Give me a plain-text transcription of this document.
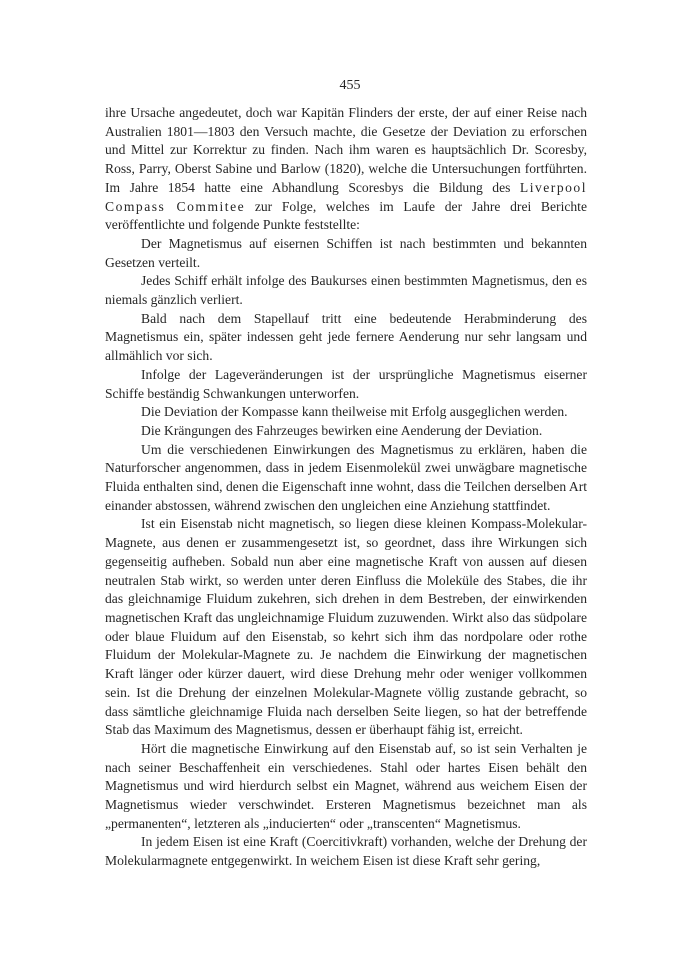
455

ihre Ursache angedeutet, doch war Kapitän Flinders der erste, der auf einer Reise nach Australien 1801—1803 den Versuch machte, die Gesetze der Deviation zu erforschen und Mittel zur Korrektur zu finden. Nach ihm waren es hauptsächlich Dr. Scoresby, Ross, Parry, Oberst Sabine und Barlow (1820), welche die Untersuchungen fortführten. Im Jahre 1854 hatte eine Abhandlung Scoresbys die Bildung des Liverpool Compass Commitee zur Folge, welches im Laufe der Jahre drei Berichte veröffentlichte und folgende Punkte feststellte:

Der Magnetismus auf eisernen Schiffen ist nach bestimmten und bekannten Gesetzen verteilt.

Jedes Schiff erhält infolge des Baukurses einen bestimmten Magnetismus, den es niemals gänzlich verliert.

Bald nach dem Stapellauf tritt eine bedeutende Herabminderung des Magnetismus ein, später indessen geht jede fernere Aenderung nur sehr langsam und allmählich vor sich.

Infolge der Lageveränderungen ist der ursprüngliche Magnetismus eiserner Schiffe beständig Schwankungen unterworfen.

Die Deviation der Kompasse kann theilweise mit Erfolg ausgeglichen werden.

Die Krängungen des Fahrzeuges bewirken eine Aenderung der Deviation.

Um die verschiedenen Einwirkungen des Magnetismus zu erklären, haben die Naturforscher angenommen, dass in jedem Eisenmolekül zwei unwägbare magnetische Fluida enthalten sind, denen die Eigenschaft inne wohnt, dass die Teilchen derselben Art einander abstossen, während zwischen den ungleichen eine Anziehung stattfindet.

Ist ein Eisenstab nicht magnetisch, so liegen diese kleinen Kompass-Molekular-Magnete, aus denen er zusammengesetzt ist, so geordnet, dass ihre Wirkungen sich gegenseitig aufheben. Sobald nun aber eine magnetische Kraft von aussen auf diesen neutralen Stab wirkt, so werden unter deren Einfluss die Moleküle des Stabes, die ihr das gleichnamige Fluidum zukehren, sich drehen in dem Bestreben, der einwirkenden magnetischen Kraft das ungleichnamige Fluidum zuzuwenden. Wirkt also das südpolare oder blaue Fluidum auf den Eisenstab, so kehrt sich ihm das nordpolare oder rothe Fluidum der Molekular-Magnete zu. Je nachdem die Einwirkung der magnetischen Kraft länger oder kürzer dauert, wird diese Drehung mehr oder weniger vollkommen sein. Ist die Drehung der einzelnen Molekular-Magnete völlig zustande gebracht, so dass sämtliche gleichnamige Fluida nach derselben Seite liegen, so hat der betreffende Stab das Maximum des Magnetismus, dessen er überhaupt fähig ist, erreicht.

Hört die magnetische Einwirkung auf den Eisenstab auf, so ist sein Verhalten je nach seiner Beschaffenheit ein verschiedenes. Stahl oder hartes Eisen behält den Magnetismus und wird hierdurch selbst ein Magnet, während aus weichem Eisen der Magnetismus wieder verschwindet. Ersteren Magnetismus bezeichnet man als „permanenten“, letzteren als „inducierten“ oder „transcenten“ Magnetismus.

In jedem Eisen ist eine Kraft (Coercitivkraft) vorhanden, welche der Drehung der Molekularmagnete entgegenwirkt. In weichem Eisen ist diese Kraft sehr gering,
